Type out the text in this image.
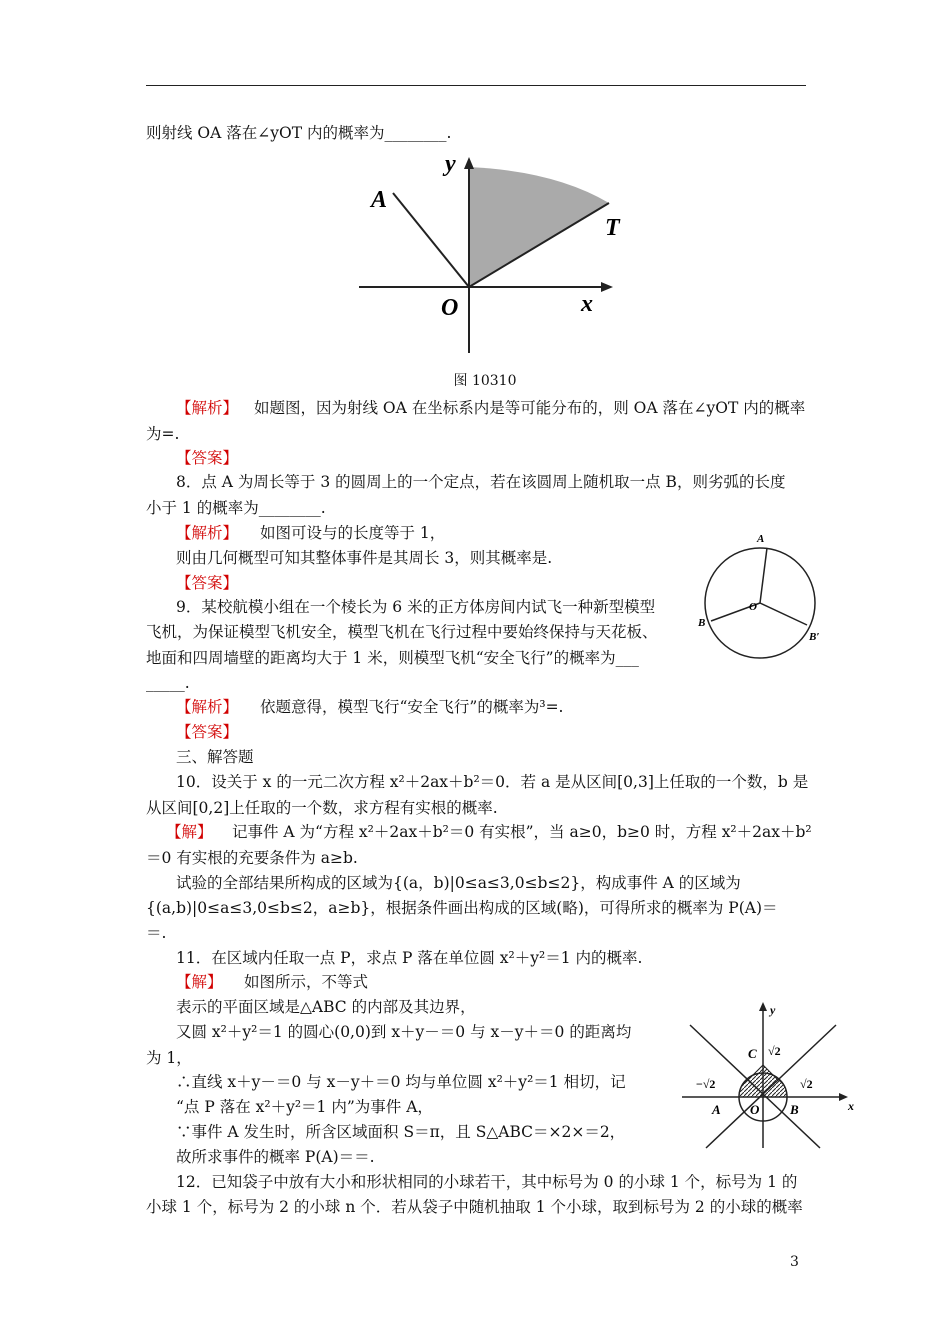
则射线 OA 落在∠yOT 内的概率为________.
y
A
T
O	x
图 10310
【解析】 如题图，因为射线 OA 在坐标系内是等可能分布的，则 OA 落在∠yOT 内的概率
为=.
【答案】
8．点 A 为周长等于 3 的圆周上的一个定点，若在该圆周上随机取一点 B，则劣弧的长度
小于 1 的概率为________.
【解析】 如图可设与的长度等于 1，
则由几何概型可知其整体事件是其周长 3，则其概率是.
【答案】
9．某校航模小组在一个棱长为 6 米的正方体房间内试飞一种新型模型
飞机，为保证模型飞机安全，模型飞机在飞行过程中要始终保持与天花板、
地面和四周墙壁的距离均大于 1 米，则模型飞机“安全飞行”的概率为___
_____.
A
O
B
B′
【解析】 依题意得，模型飞行“安全飞行”的概率为³=.
【答案】
三、解答题
10．设关于 x 的一元二次方程 x²＋2ax＋b²＝0．若 a 是从区间[0,3]上任取的一个数，b 是
从区间[0,2]上任取的一个数，求方程有实根的概率.
【解】 记事件 A 为“方程 x²＋2ax＋b²＝0 有实根”，当 a≥0，b≥0 时，方程 x²＋2ax＋b²
＝0 有实根的充要条件为 a≥b.
试验的全部结果所构成的区域为{(a，b)|0≤a≤3,0≤b≤2}，构成事件 A 的区域为
{(a,b)|0≤a≤3,0≤b≤2，a≥b}，根据条件画出构成的区域(略)，可得所求的概率为 P(A)＝
＝.
11．在区域内任取一点 P，求点 P 落在单位圆 x²＋y²＝1 内的概率.
【解】 如图所示，不等式
表示的平面区域是△ABC 的内部及其边界，
又圆 x²＋y²＝1 的圆心(0,0)到 x＋y－＝0 与 x－y＋＝0 的距离均
为 1，
∴直线 x＋y－＝0 与 x－y＋＝0 均与单位圆 x²＋y²＝1 相切，记
“点 P 落在 x²＋y²＝1 内”为事件 A，
∵事件 A 发生时，所含区域面积 S＝π，且 S△ABC＝×2×＝2，
故所求事件的概率 P(A)＝＝.
12．已知袋子中放有大小和形状相同的小球若干，其中标号为 0 的小球 1 个，标号为 1 的
小球 1 个，标号为 2 的小球 n 个．若从袋子中随机抽取 1 个小球，取到标号为 2 的小球的概率
y
C √2
−√2	√2
A O B	x
3
